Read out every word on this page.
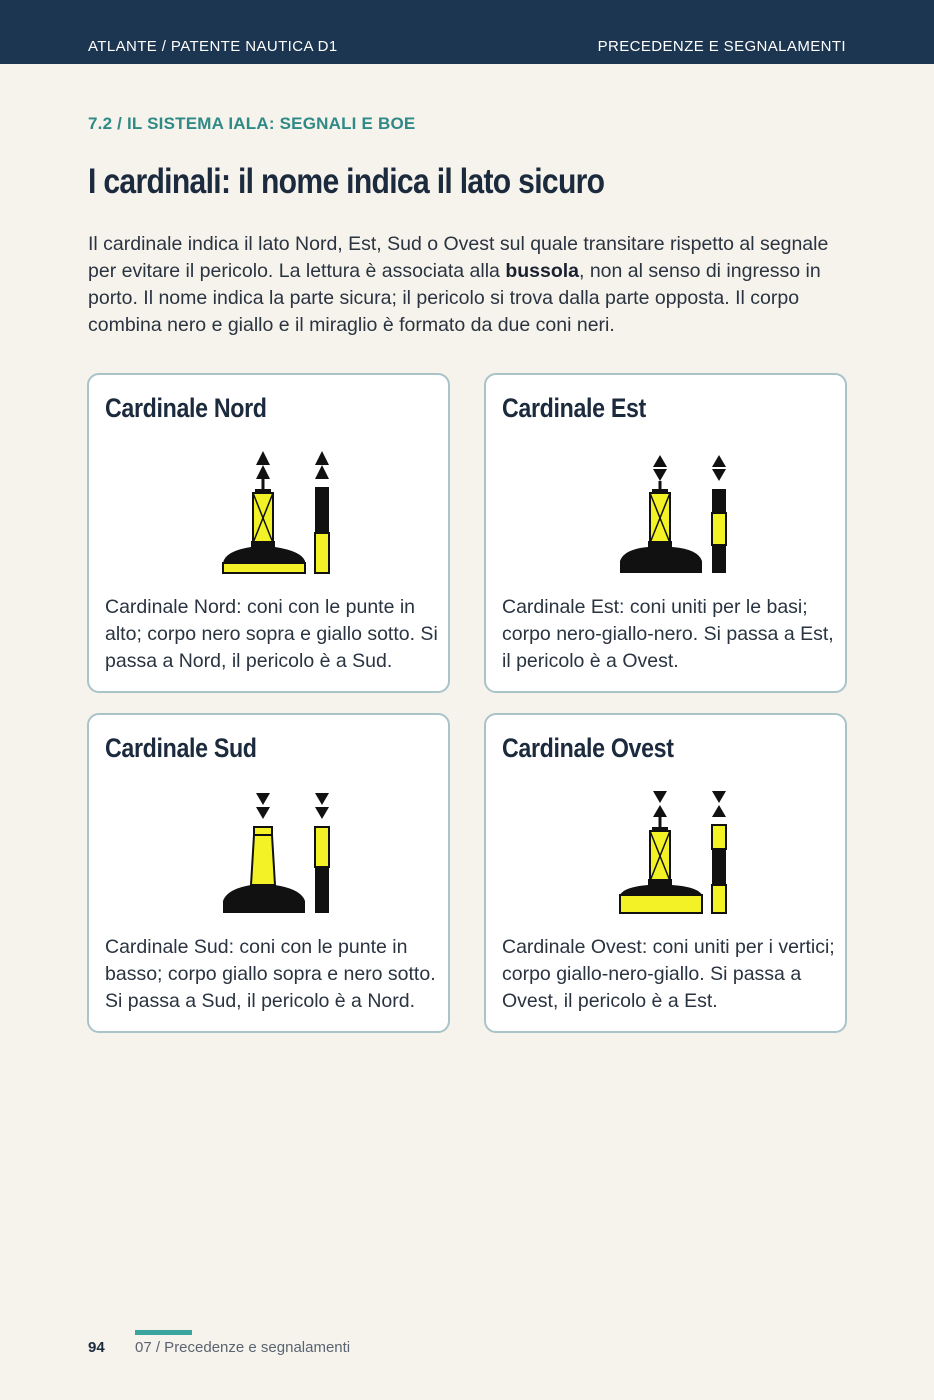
ATLANTE / PATENTE NAUTICA D1	PRECEDENZE E SEGNALAMENTI
7.2 / IL SISTEMA IALA: SEGNALI E BOE
I cardinali: il nome indica il lato sicuro
Il cardinale indica il lato Nord, Est, Sud o Ovest sul quale transitare rispetto al segnale per evitare il pericolo. La lettura è associata alla bussola, non al senso di ingresso in porto. Il nome indica la parte sicura; il pericolo si trova dalla parte opposta. Il corpo combina nero e giallo e il miraglio è formato da due coni neri.
Cardinale Nord

Cardinale Nord: coni con le punte in alto; corpo nero sopra e giallo sotto. Si passa a Nord, il pericolo è a Sud.

Cardinale Est

Cardinale Est: coni uniti per le basi; corpo nero-giallo-nero. Si passa a Est, il pericolo è a Ovest.

Cardinale Sud

Cardinale Sud: coni con le punte in basso; corpo giallo sopra e nero sotto. Si passa a Sud, il pericolo è a Nord.

Cardinale Ovest

Cardinale Ovest: coni uniti per i vertici; corpo giallo-nero-giallo. Si passa a Ovest, il pericolo è a Est.

94 07 / Precedenze e segnalamenti
